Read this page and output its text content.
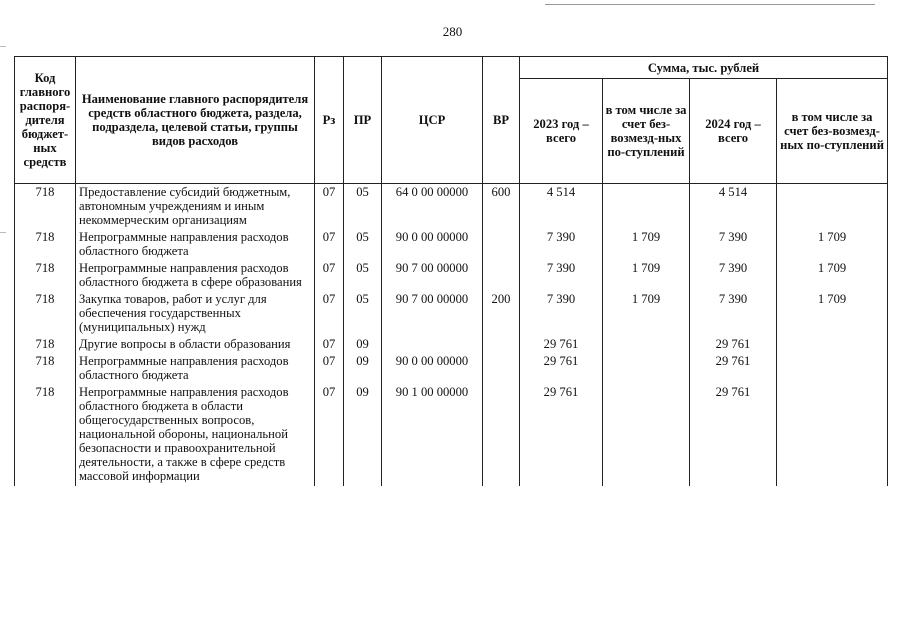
280
Код главного распоря-дителя бюджет-ных средств	Наименование главного распорядителя средств областного бюджета, раздела, подраздела, целевой статьи, группы видов расходов	Рз	ПР	ЦСР	ВР	Сумма, тыс. рублей			
						2023 год – всего	в том числе за счет без-возмезд-ных по-ступлений	2024 год – всего	в том числе за счет без-возмезд-ных по-ступлений
718	Предоставление субсидий бюджетным, автономным учреждениям и иным некоммерческим организациям	07	05	64 0 00 00000	600	4 514		4 514	
718	Непрограммные направления расходов областного бюджета	07	05	90 0 00 00000		7 390	1 709	7 390	1 709
718	Непрограммные направления расходов областного бюджета в сфере образования	07	05	90 7 00 00000		7 390	1 709	7 390	1 709
718	Закупка товаров, работ и услуг для обеспечения государственных (муниципальных) нужд	07	05	90 7 00 00000	200	7 390	1 709	7 390	1 709
718	Другие вопросы в области образования	07	09			29 761		29 761	
718	Непрограммные направления расходов областного бюджета	07	09	90 0 00 00000		29 761		29 761	
718	Непрограммные направления расходов областного бюджета в области общегосударственных вопросов, национальной обороны, национальной безопасности и правоохранительной деятельности, а также в сфере средств массовой информации	07	09	90 1 00 00000		29 761		29 761	
